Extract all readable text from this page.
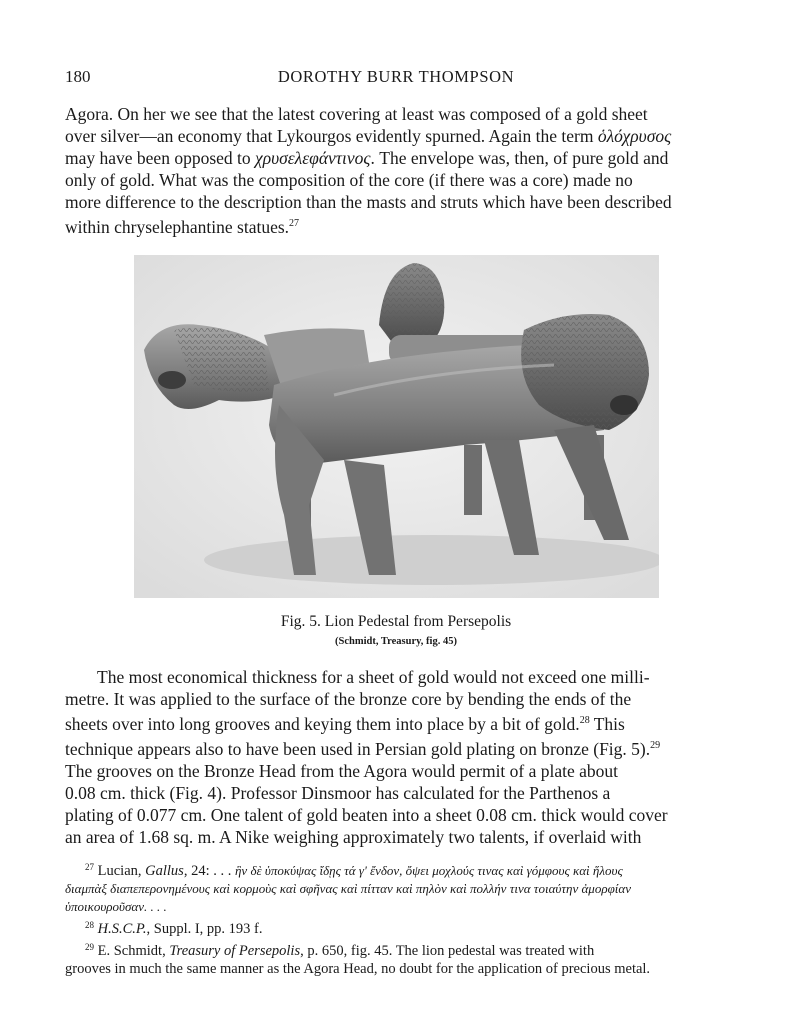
180	DOROTHY BURR THOMPSON
Agora. On her we see that the latest covering at least was composed of a gold sheet
over silver—an economy that Lykourgos evidently spurned. Again the term ὁλόχρυσος
may have been opposed to χρυσελεφάντινος. The envelope was, then, of pure gold and
only of gold. What was the composition of the core (if there was a core) made no
more difference to the description than the masts and struts which have been described
within chryselephantine statues.$^{27}$
Fig. 5. Lion Pedestal from Persepolis
(Schmidt, Treasury, fig. 45)
The most economical thickness for a sheet of gold would not exceed one milli-
metre. It was applied to the surface of the bronze core by bending the ends of the
sheets over into long grooves and keying them into place by a bit of gold.$^{28}$ This
technique appears also to have been used in Persian gold plating on bronze (Fig. 5).$^{29}$
The grooves on the Bronze Head from the Agora would permit of a plate about
0.08 cm. thick (Fig. 4). Professor Dinsmoor has calculated for the Parthenos a
plating of 0.077 cm. One talent of gold beaten into a sheet 0.08 cm. thick would cover
an area of 1.68 sq. m. A Nike weighing approximately two talents, if overlaid with
$^{27}$ Lucian, Gallus, 24: . . . ἣν δὲ ὑποκύψας ἴδῃς τά γ' ἔνδον, ὄψει μοχλούς τινας καὶ γόμφους καὶ ἥλους
διαμπὰξ διαπεπερονημένους καὶ κορμοὺς καὶ σφῆνας καὶ πίτταν καὶ πηλὸν καὶ πολλήν τινα τοιαύτην ἀμορφίαν
ὑποικουροῦσαν. . . .
$^{28}$ H.S.C.P., Suppl. I, pp. 193 f.
$^{29}$ E. Schmidt, Treasury of Persepolis, p. 650, fig. 45. The lion pedestal was treated with
grooves in much the same manner as the Agora Head, no doubt for the application of precious metal.
